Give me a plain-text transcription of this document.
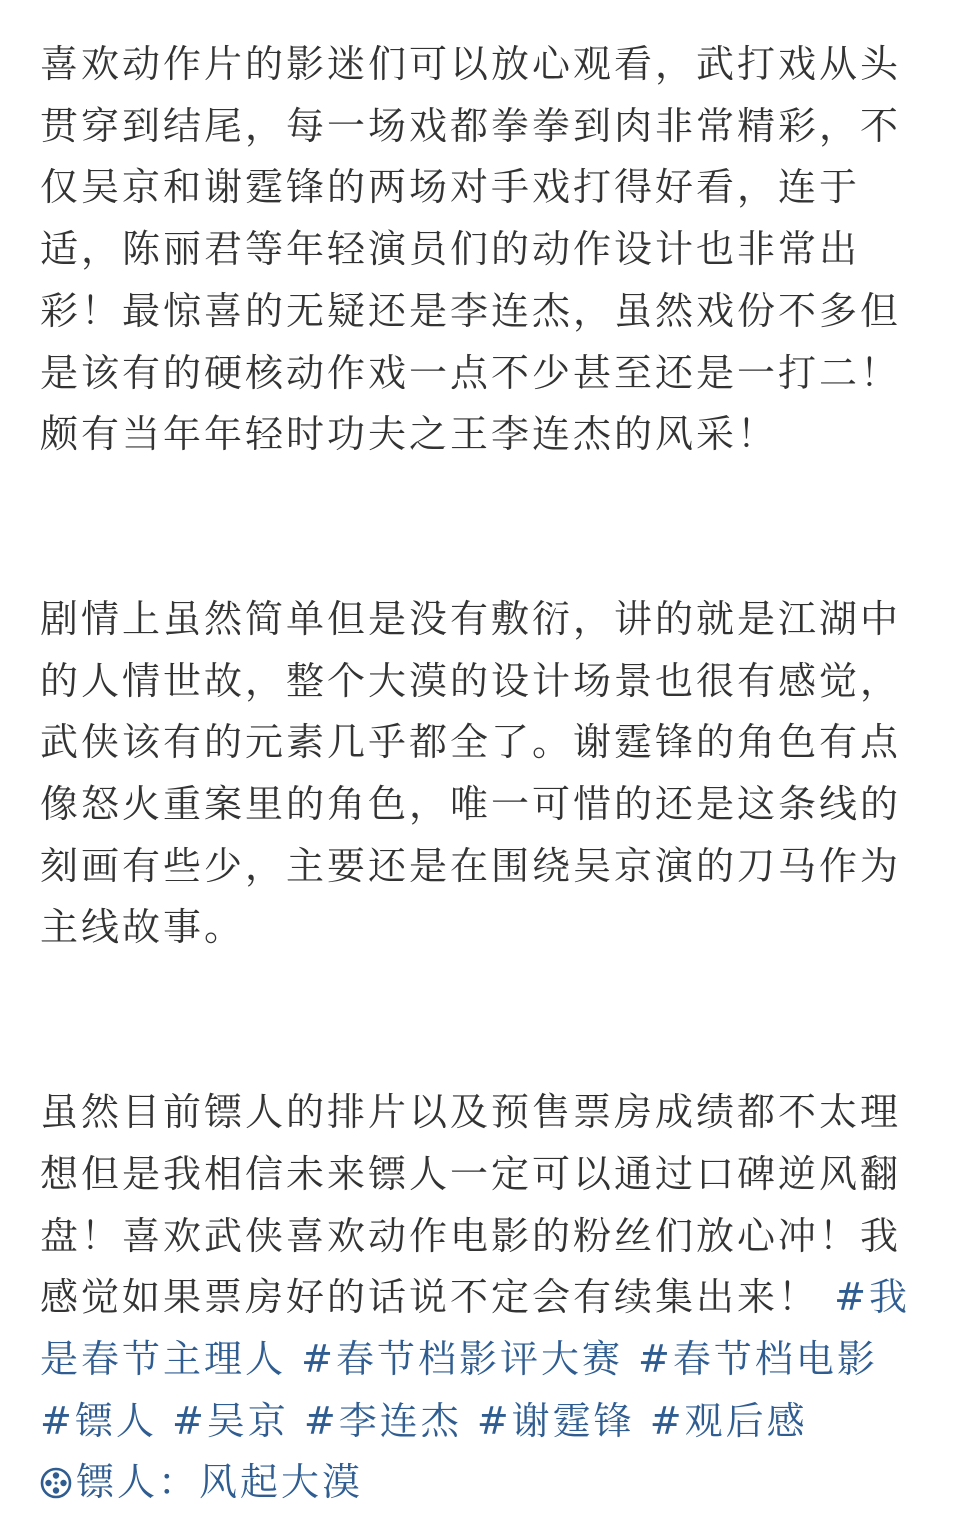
喜欢动作片的影迷们可以放心观看，武打戏从头贯穿到结尾，每一场戏都拳拳到肉非常精彩，不仅吴京和谢霆锋的两场对手戏打得好看，连于适，陈丽君等年轻演员们的动作设计也非常出彩！最惊喜的无疑还是李连杰，虽然戏份不多但是该有的硬核动作戏一点不少甚至还是一打二！颇有当年年轻时功夫之王李连杰的风采！

剧情上虽然简单但是没有敷衍，讲的就是江湖中的人情世故，整个大漠的设计场景也很有感觉，武侠该有的元素几乎都全了。谢霆锋的角色有点像怒火重案里的角色，唯一可惜的还是这条线的刻画有些少，主要还是在围绕吴京演的刀马作为主线故事。

虽然目前镖人的排片以及预售票房成绩都不太理想但是我相信未来镖人一定可以通过口碑逆风翻盘！喜欢武侠喜欢动作电影的粉丝们放心冲！我感觉如果票房好的话说不定会有续集出来！ #我是春节主理人 #春节档影评大赛 #春节档电影 #镖人 #吴京 #李连杰 #谢霆锋 #观后感 镖人：风起大漠
